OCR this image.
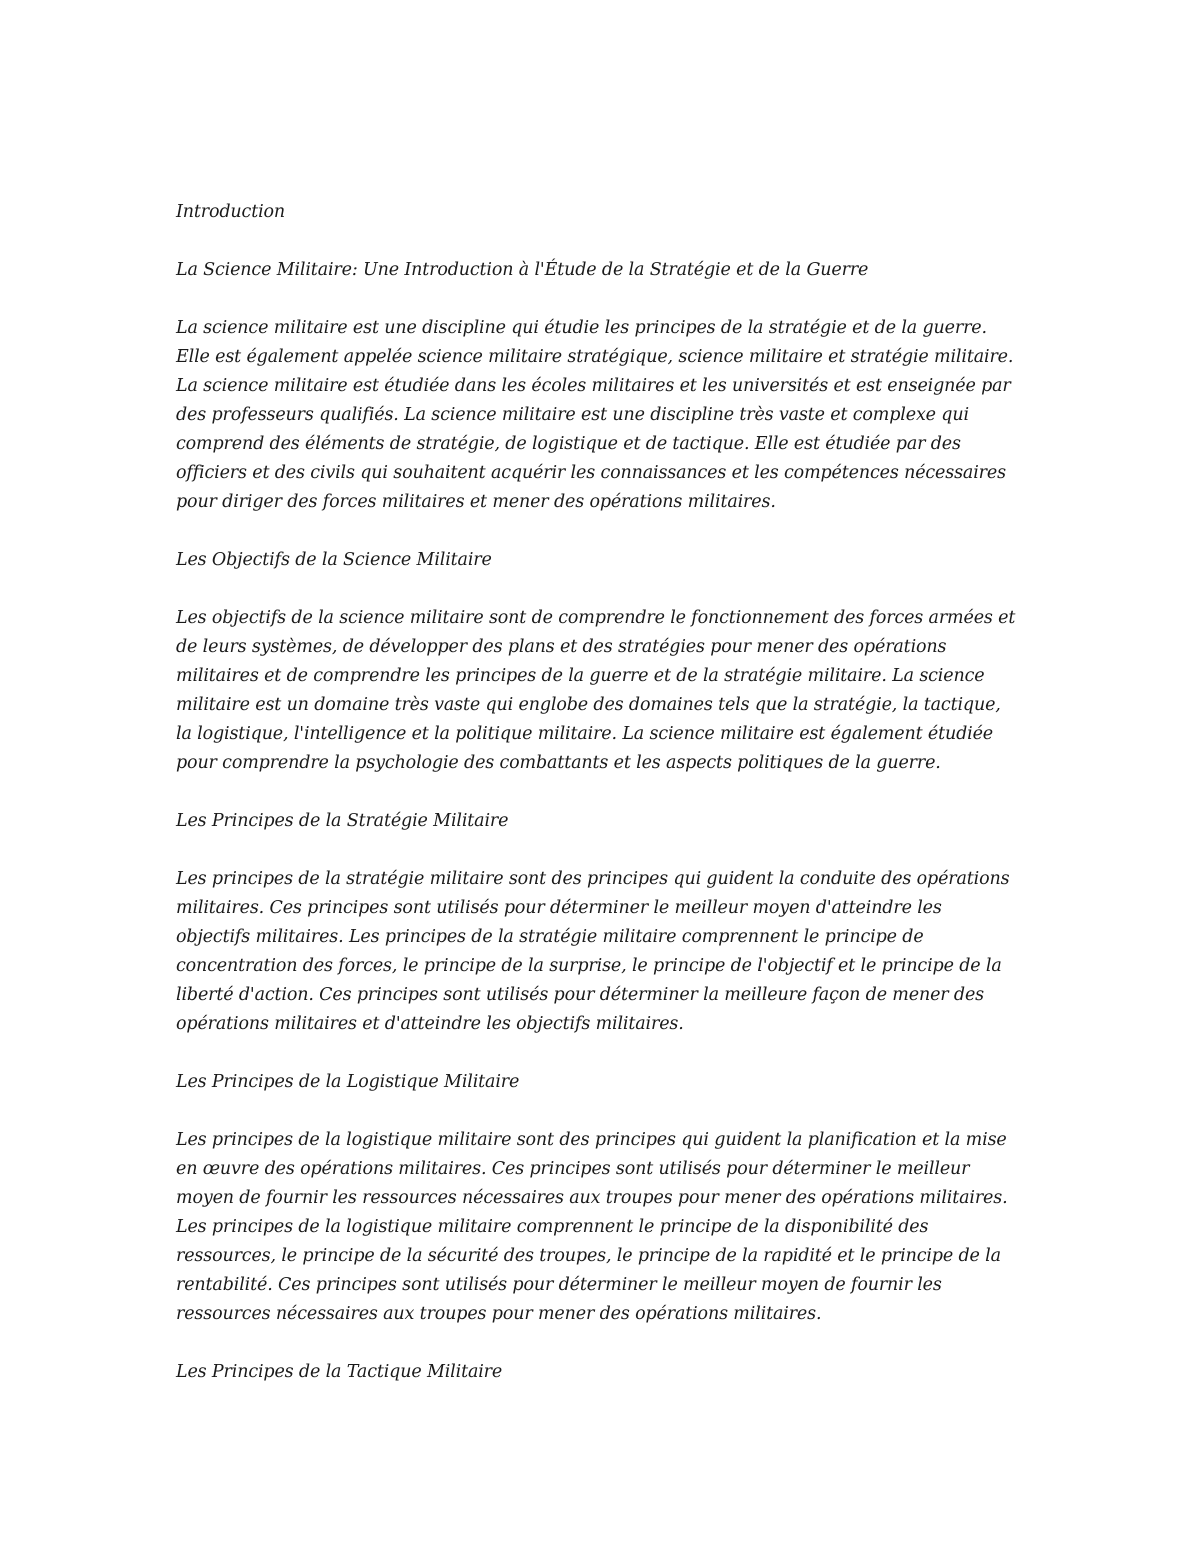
Introduction
La Science Militaire: Une Introduction à l'Étude de la Stratégie et de la Guerre
La science militaire est une discipline qui étudie les principes de la stratégie et de la guerre.
Elle est également appelée science militaire stratégique, science militaire et stratégie militaire.
La science militaire est étudiée dans les écoles militaires et les universités et est enseignée par
des professeurs qualifiés. La science militaire est une discipline très vaste et complexe qui
comprend des éléments de stratégie, de logistique et de tactique. Elle est étudiée par des
officiers et des civils qui souhaitent acquérir les connaissances et les compétences nécessaires
pour diriger des forces militaires et mener des opérations militaires.
Les Objectifs de la Science Militaire
Les objectifs de la science militaire sont de comprendre le fonctionnement des forces armées et
de leurs systèmes, de développer des plans et des stratégies pour mener des opérations
militaires et de comprendre les principes de la guerre et de la stratégie militaire. La science
militaire est un domaine très vaste qui englobe des domaines tels que la stratégie, la tactique,
la logistique, l'intelligence et la politique militaire. La science militaire est également étudiée
pour comprendre la psychologie des combattants et les aspects politiques de la guerre.
Les Principes de la Stratégie Militaire
Les principes de la stratégie militaire sont des principes qui guident la conduite des opérations
militaires. Ces principes sont utilisés pour déterminer le meilleur moyen d'atteindre les
objectifs militaires. Les principes de la stratégie militaire comprennent le principe de
concentration des forces, le principe de la surprise, le principe de l'objectif et le principe de la
liberté d'action. Ces principes sont utilisés pour déterminer la meilleure façon de mener des
opérations militaires et d'atteindre les objectifs militaires.
Les Principes de la Logistique Militaire
Les principes de la logistique militaire sont des principes qui guident la planification et la mise
en œuvre des opérations militaires. Ces principes sont utilisés pour déterminer le meilleur
moyen de fournir les ressources nécessaires aux troupes pour mener des opérations militaires.
Les principes de la logistique militaire comprennent le principe de la disponibilité des
ressources, le principe de la sécurité des troupes, le principe de la rapidité et le principe de la
rentabilité. Ces principes sont utilisés pour déterminer le meilleur moyen de fournir les
ressources nécessaires aux troupes pour mener des opérations militaires.
Les Principes de la Tactique Militaire
